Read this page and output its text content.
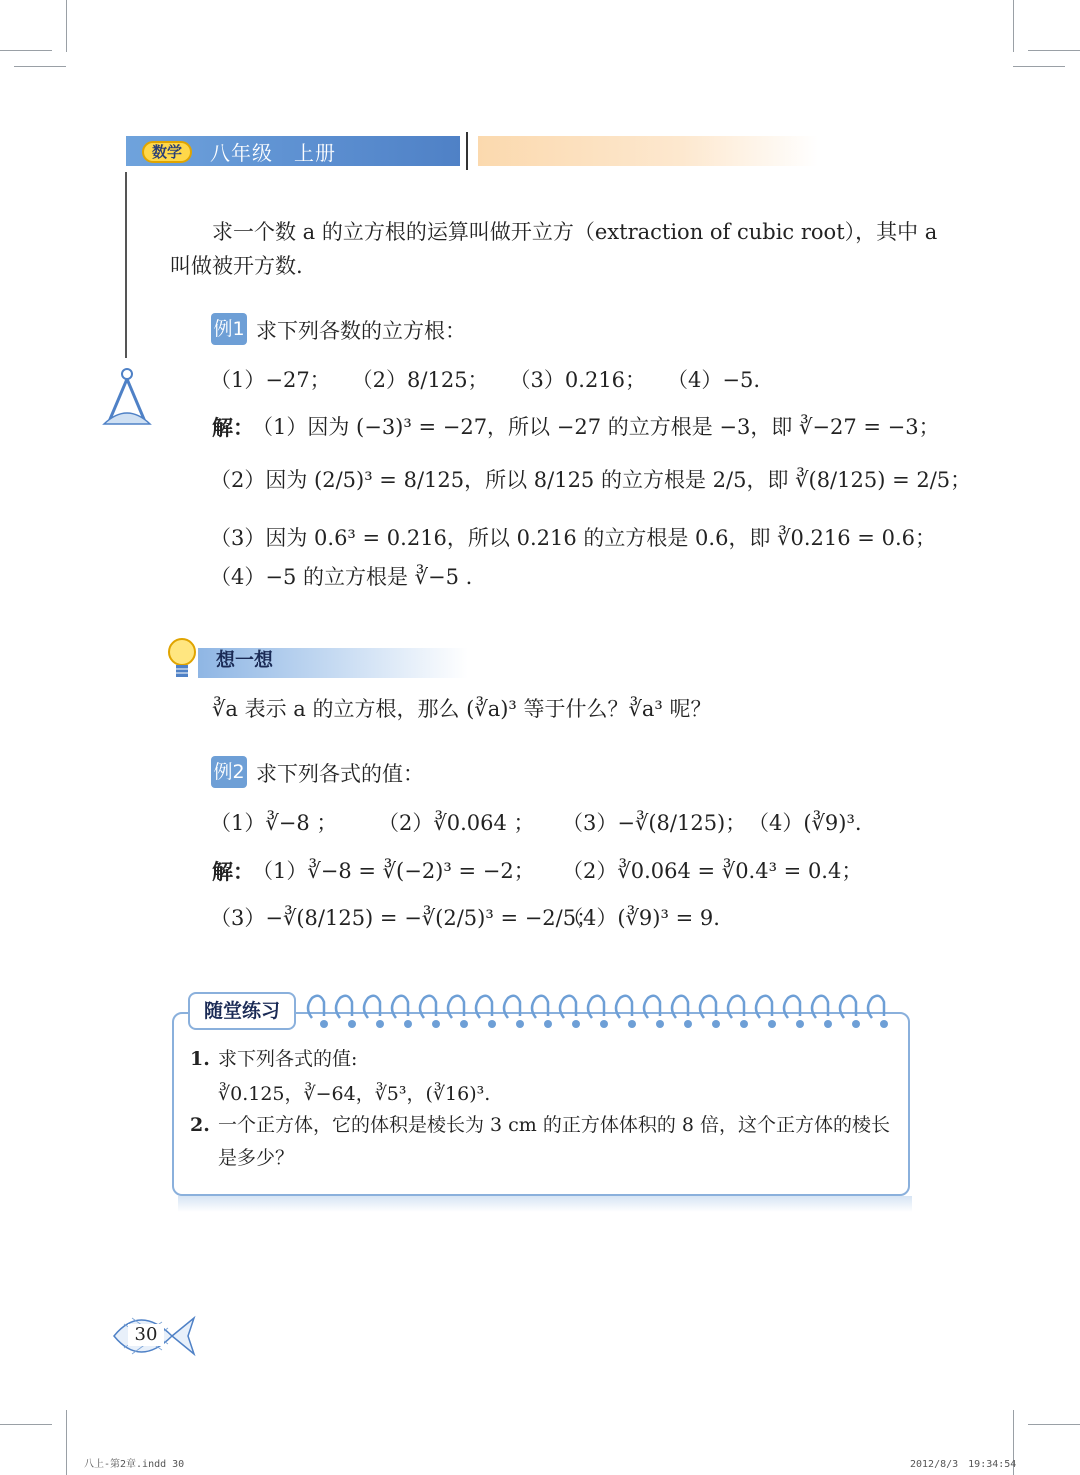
数学	八年级　上册
求一个数 a 的立方根的运算叫做开立方（extraction of cubic root），其中 a
叫做被开方数.
例1 求下列各数的立方根：
（1）−27；　　（2）8/125；　　（3）0.216；　　（4）−5.
解：
（1）因为 (−3)³ = −27，所以 −27 的立方根是 −3，即 ∛−27 = −3；
（2）因为 (2/5)³ = 8/125，所以 8/125 的立方根是 2/5，即 ∛(8/125) = 2/5；
（3）因为 0.6³ = 0.216，所以 0.216 的立方根是 0.6，即 ∛0.216 = 0.6；
（4）−5 的立方根是 ∛−5 .
想一想
∛a 表示 a 的立方根，那么 (∛a)³ 等于什么？∛a³ 呢？
例2 求下列各式的值：
（1）∛−8 ； （2）∛0.064 ； （3）−∛(8/125)； （4）(∛9)³.
解：
（1）∛−8 = ∛(−2)³ = −2； （2）∛0.064 = ∛0.4³ = 0.4；
（3）−∛(8/125) = −∛(2/5)³ = −2/5；
（4）(∛9)³ = 9.
随堂练习
1. 求下列各式的值:
∛0.125，∛−64，∛5³，(∛16)³.
2. 一个正方体，它的体积是棱长为 3 cm 的正方体体积的 8 倍，这个正方体的棱长
是多少？
30
八上-第2章.indd 30	2012/8/3　19:34:54
